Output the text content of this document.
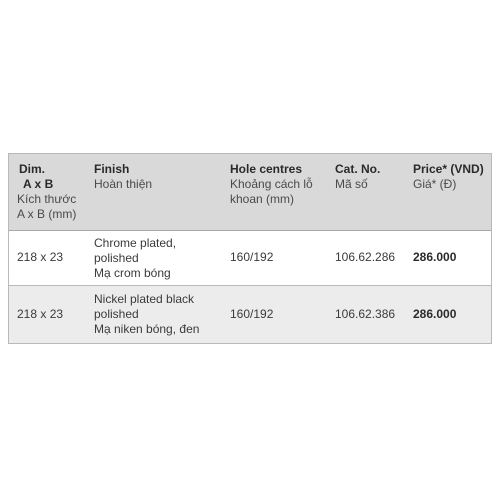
Dim.
A x B
Kích thước
A x B (mm)
Finish
Hoàn thiện
Hole centres
Khoảng cách lỗ
khoan (mm)
Cat. No.
Mã số
Price* (VND)
Giá* (Đ)
218 x 23
Chrome plated,
polished
Mạ crom bóng
160/192	106.62.286 286.000
218 x 23
Nickel plated black
polished
Mạ niken bóng, đen
160/192	106.62.386 286.000
